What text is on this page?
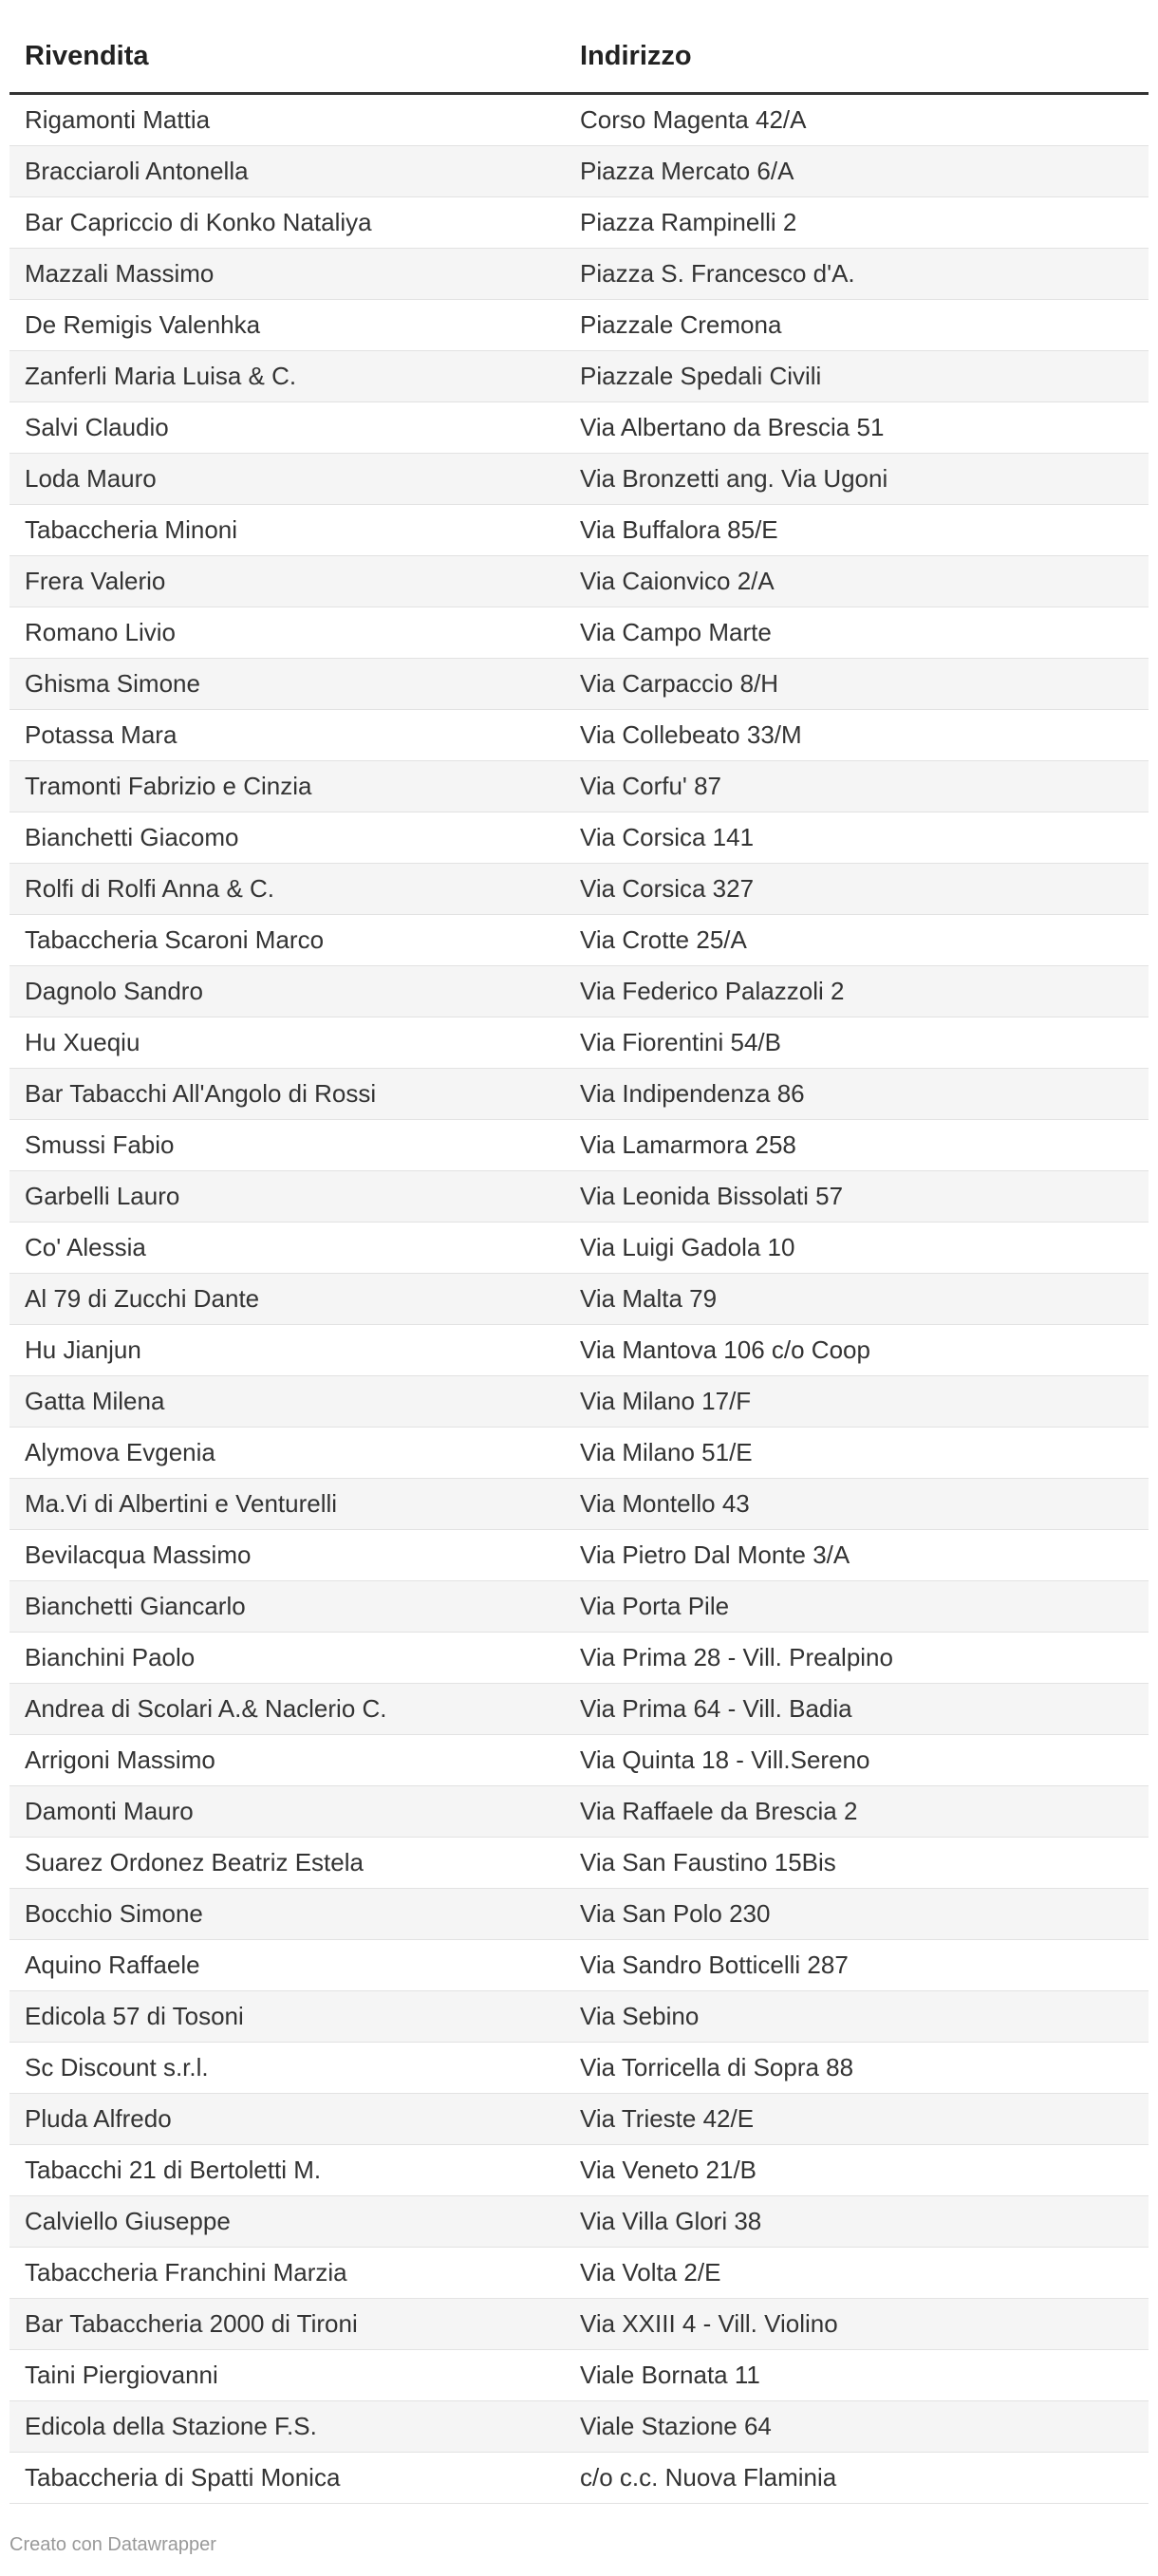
Rivendita	Indirizzo
Rigamonti Mattia	Corso Magenta 42/A
Bracciaroli Antonella	Piazza Mercato 6/A
Bar Capriccio di Konko Nataliya	Piazza Rampinelli 2
Mazzali Massimo	Piazza S. Francesco d'A.
De Remigis Valenhka	Piazzale Cremona
Zanferli Maria Luisa & C.	Piazzale Spedali Civili
Salvi Claudio	Via Albertano da Brescia 51
Loda Mauro	Via Bronzetti ang. Via Ugoni
Tabaccheria Minoni	Via Buffalora 85/E
Frera Valerio	Via Caionvico 2/A
Romano Livio	Via Campo Marte
Ghisma Simone	Via Carpaccio 8/H
Potassa Mara	Via Collebeato 33/M
Tramonti Fabrizio e Cinzia	Via Corfu' 87
Bianchetti Giacomo	Via Corsica 141
Rolfi di Rolfi Anna & C.	Via Corsica 327
Tabaccheria Scaroni Marco	Via Crotte 25/A
Dagnolo Sandro	Via Federico Palazzoli 2
Hu Xueqiu	Via Fiorentini 54/B
Bar Tabacchi All'Angolo di Rossi	Via Indipendenza 86
Smussi Fabio	Via Lamarmora 258
Garbelli Lauro	Via Leonida Bissolati 57
Co' Alessia	Via Luigi Gadola 10
Al 79 di Zucchi Dante	Via Malta 79
Hu Jianjun	Via Mantova 106 c/o Coop
Gatta Milena	Via Milano 17/F
Alymova Evgenia	Via Milano 51/E
Ma.Vi di Albertini e Venturelli	Via Montello 43
Bevilacqua Massimo	Via Pietro Dal Monte 3/A
Bianchetti Giancarlo	Via Porta Pile
Bianchini Paolo	Via Prima 28 - Vill. Prealpino
Andrea di Scolari A.& Naclerio C.	Via Prima 64 - Vill. Badia
Arrigoni Massimo	Via Quinta 18 - Vill.Sereno
Damonti Mauro	Via Raffaele da Brescia 2
Suarez Ordonez Beatriz Estela	Via San Faustino 15Bis
Bocchio Simone	Via San Polo 230
Aquino Raffaele	Via Sandro Botticelli 287
Edicola 57 di Tosoni	Via Sebino
Sc Discount s.r.l.	Via Torricella di Sopra 88
Pluda Alfredo	Via Trieste 42/E
Tabacchi 21 di Bertoletti M.	Via Veneto 21/B
Calviello Giuseppe	Via Villa Glori 38
Tabaccheria Franchini Marzia	Via Volta 2/E
Bar Tabaccheria 2000 di Tironi	Via XXIII 4 - Vill. Violino
Taini Piergiovanni	Viale Bornata 11
Edicola della Stazione F.S.	Viale Stazione 64
Tabaccheria di Spatti Monica	c/o c.c. Nuova Flaminia
Creato con Datawrapper
